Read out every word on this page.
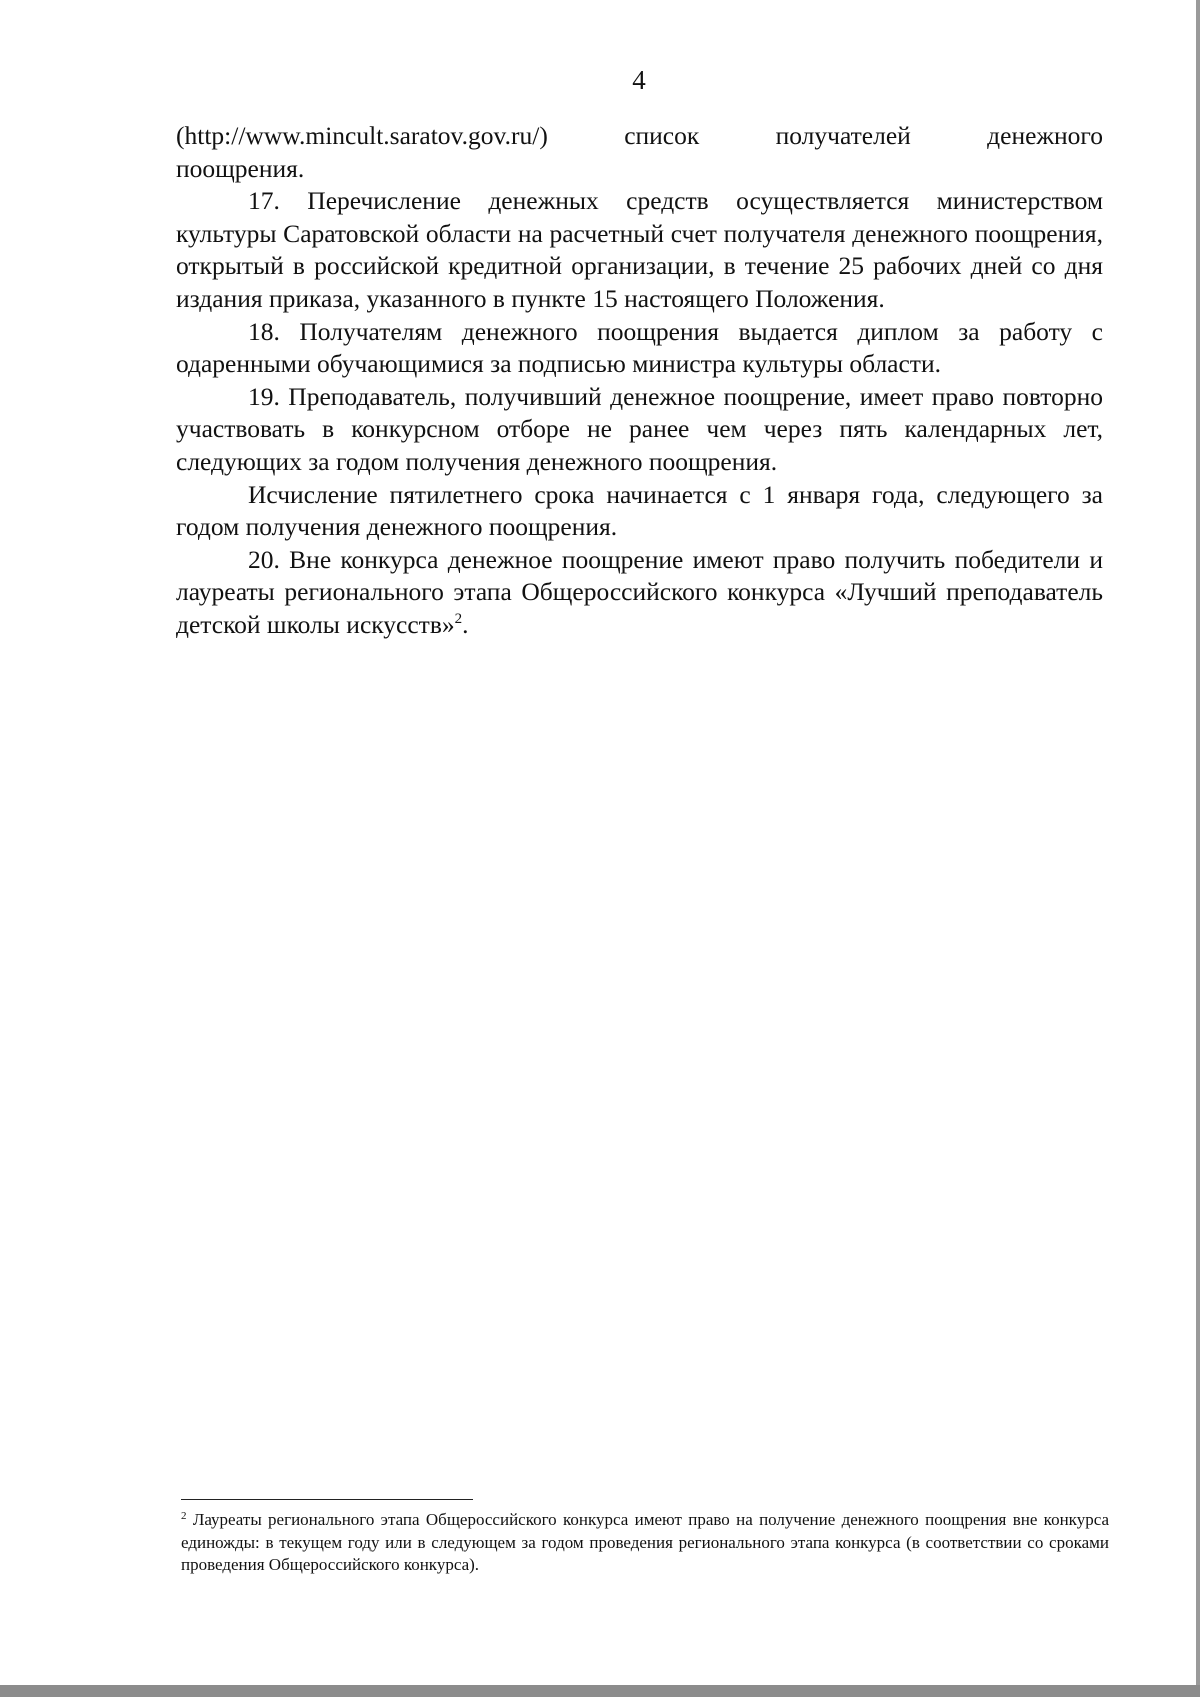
4

(http://www.mincult.saratov.gov.ru/)	список получателей денежного
поощрения.

17. Перечисление денежных средств осуществляется министерством культуры Саратовской области на расчетный счет получателя денежного поощрения, открытый в российской кредитной организации, в течение 25 рабочих дней со дня издания приказа, указанного в пункте 15 настоящего Положения.

18. Получателям денежного поощрения выдается диплом за работу с одаренными обучающимися за подписью министра культуры области.

19. Преподаватель, получивший денежное поощрение, имеет право повторно участвовать в конкурсном отборе не ранее чем через пять календарных лет, следующих за годом получения денежного поощрения.

Исчисление пятилетнего срока начинается с 1 января года, следующего за годом получения денежного поощрения.

20. Вне конкурса денежное поощрение имеют право получить победители и лауреаты регионального этапа Общероссийского конкурса «Лучший преподаватель детской школы искусств»$^2$.

$^2$ Лауреаты регионального этапа Общероссийского конкурса имеют право на получение денежного поощрения вне конкурса единожды: в текущем году или в следующем за годом проведения регионального этапа конкурса (в соответствии со сроками проведения Общероссийского конкурса).
